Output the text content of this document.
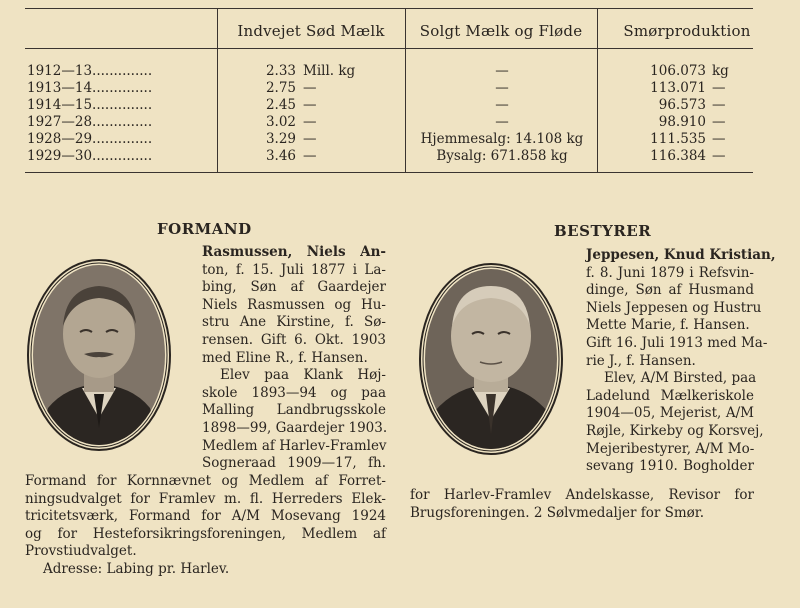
Indvejet Sød Mælk	Solgt Mælk og Fløde	Smørproduktion
1912—13..............	2.33 Mill. kg	—	106.073 kg
1913—14..............	2.75 —	—	113.071 —
1914—15..............	2.45 —	—	96.573 —
1927—28..............	3.02 —	—	98.910 —
1928—29..............	3.29 —	Hjemmesalg: 14.108 kg	111.535 —
1929—30..............	3.46 —	Bysalg: 671.858 kg	116.384 —
FORMAND	BESTYRER
Rasmussen, Niels An-
ton, f. 15. Juli 1877 i La-
bing, Søn af Gaardejer
Niels Rasmussen og Hu-
stru Ane Kirstine, f. Sø-
rensen. Gift 6. Okt. 1903
med Eline R., f. Hansen.
Elev paa Klank Høj-
skole 1893—94 og paa
Malling Landbrugsskole
1898—99, Gaardejer 1903.
Medlem af Harlev-Framlev
Sogneraad 1909—17, fh.
Formand for Kornnævnet og Medlem af Forret-
ningsudvalget for Framlev m. fl. Herreders Elek-
tricitetsværk, Formand for A/M Mosevang 1924
og for Hesteforsikringsforeningen, Medlem af
Provstiudvalget.
Adresse: Labing pr. Harlev.
Jeppesen, Knud Kristian,
f. 8. Juni 1879 i Refsvin-
dinge, Søn af Husmand
Niels Jeppesen og Hustru
Mette Marie, f. Hansen.
Gift 16. Juli 1913 med Ma-
rie J., f. Hansen.
Elev, A/M Birsted, paa
Ladelund Mælkeriskole
1904—05, Mejerist, A/M
Røjle, Kirkeby og Korsvej,
Mejeribestyrer, A/M Mo-
sevang 1910. Bogholder
for Harlev-Framlev Andelskasse, Revisor for
Brugsforeningen. 2 Sølvmedaljer for Smør.
